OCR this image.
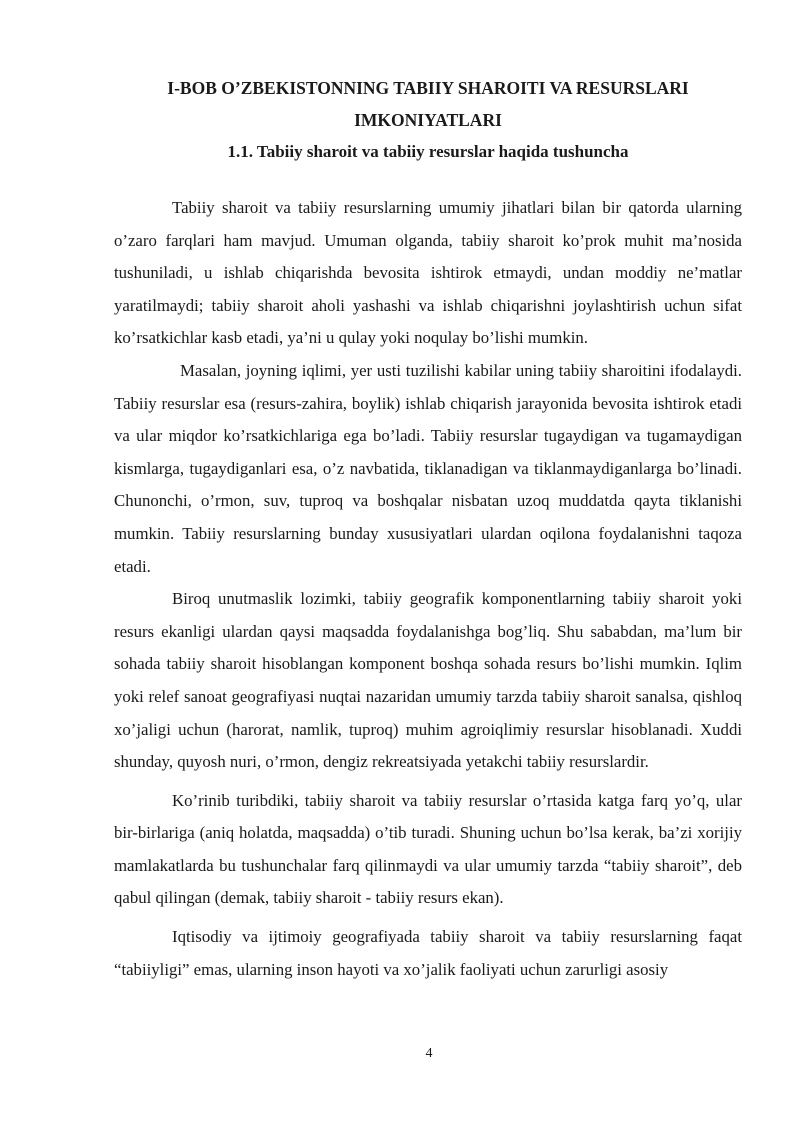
I-BOB O’ZBEKISTONNING TABIIY SHAROITI VA RESURSLARI IMKONIYATLARI
1.1. Tabiiy sharoit va tabiiy resurslar haqida tushuncha

Tabiiy sharoit va tabiiy resurslarning umumiy jihatlari bilan bir qatorda ularning o’zaro farqlari ham mavjud. Umuman olganda, tabiiy sharoit ko’prok muhit ma’nosida tushuniladi, u ishlab chiqarishda bevosita ishtirok etmaydi, undan moddiy ne’matlar yaratilmaydi; tabiiy sharoit aholi yashashi va ishlab chiqarishni joylashtirish uchun sifat ko’rsatkichlar kasb etadi, ya’ni u qulay yoki noqulay bo’lishi mumkin.

Masalan, joyning iqlimi, yer usti tuzilishi kabilar uning tabiiy sharoitini ifodalaydi. Tabiiy resurslar esa (resurs-zahira, boylik) ishlab chiqarish jarayonida bevosita ishtirok etadi va ular miqdor ko’rsatkichlariga ega bo’ladi. Tabiiy resurslar tugaydigan va tugamaydigan kismlarga, tugaydiganlari esa, o’z navbatida, tiklanadigan va tiklanmaydiganlarga bo’linadi. Chunonchi, o’rmon, suv, tuproq va boshqalar nisbatan uzoq muddatda qayta tiklanishi mumkin. Tabiiy resurslarning bunday xususiyatlari ulardan oqilona foydalanishni taqoza etadi.

Biroq unutmaslik lozimki, tabiiy geografik komponentlarning tabiiy sharoit yoki resurs ekanligi ulardan qaysi maqsadda foydalanishga bog’liq. Shu sababdan, ma’lum bir sohada tabiiy sharoit hisoblangan komponent boshqa sohada resurs bo’lishi mumkin. Iqlim yoki relef sanoat geografiyasi nuqtai nazaridan umumiy tarzda tabiiy sharoit sanalsa, qishloq xo’jaligi uchun (harorat, namlik, tuproq) muhim agroiqlimiy resurslar hisoblanadi. Xuddi shunday, quyosh nuri, o’rmon, dengiz rekreatsiyada yetakchi tabiiy resurslardir.

Ko’rinib turibdiki, tabiiy sharoit va tabiiy resurslar o’rtasida katga farq yo’q, ular bir-birlariga (aniq holatda, maqsadda) o’tib turadi. Shuning uchun bo’lsa kerak, ba’zi xorijiy mamlakatlarda bu tushunchalar farq qilinmaydi va ular umumiy tarzda “tabiiy sharoit”, deb qabul qilingan (demak, tabiiy sharoit - tabiiy resurs ekan).

Iqtisodiy va ijtimoiy geografiyada tabiiy sharoit va tabiiy resurslarning faqat “tabiiyligi” emas, ularning inson hayoti va xo’jalik faoliyati uchun zarurligi asosiy

4
